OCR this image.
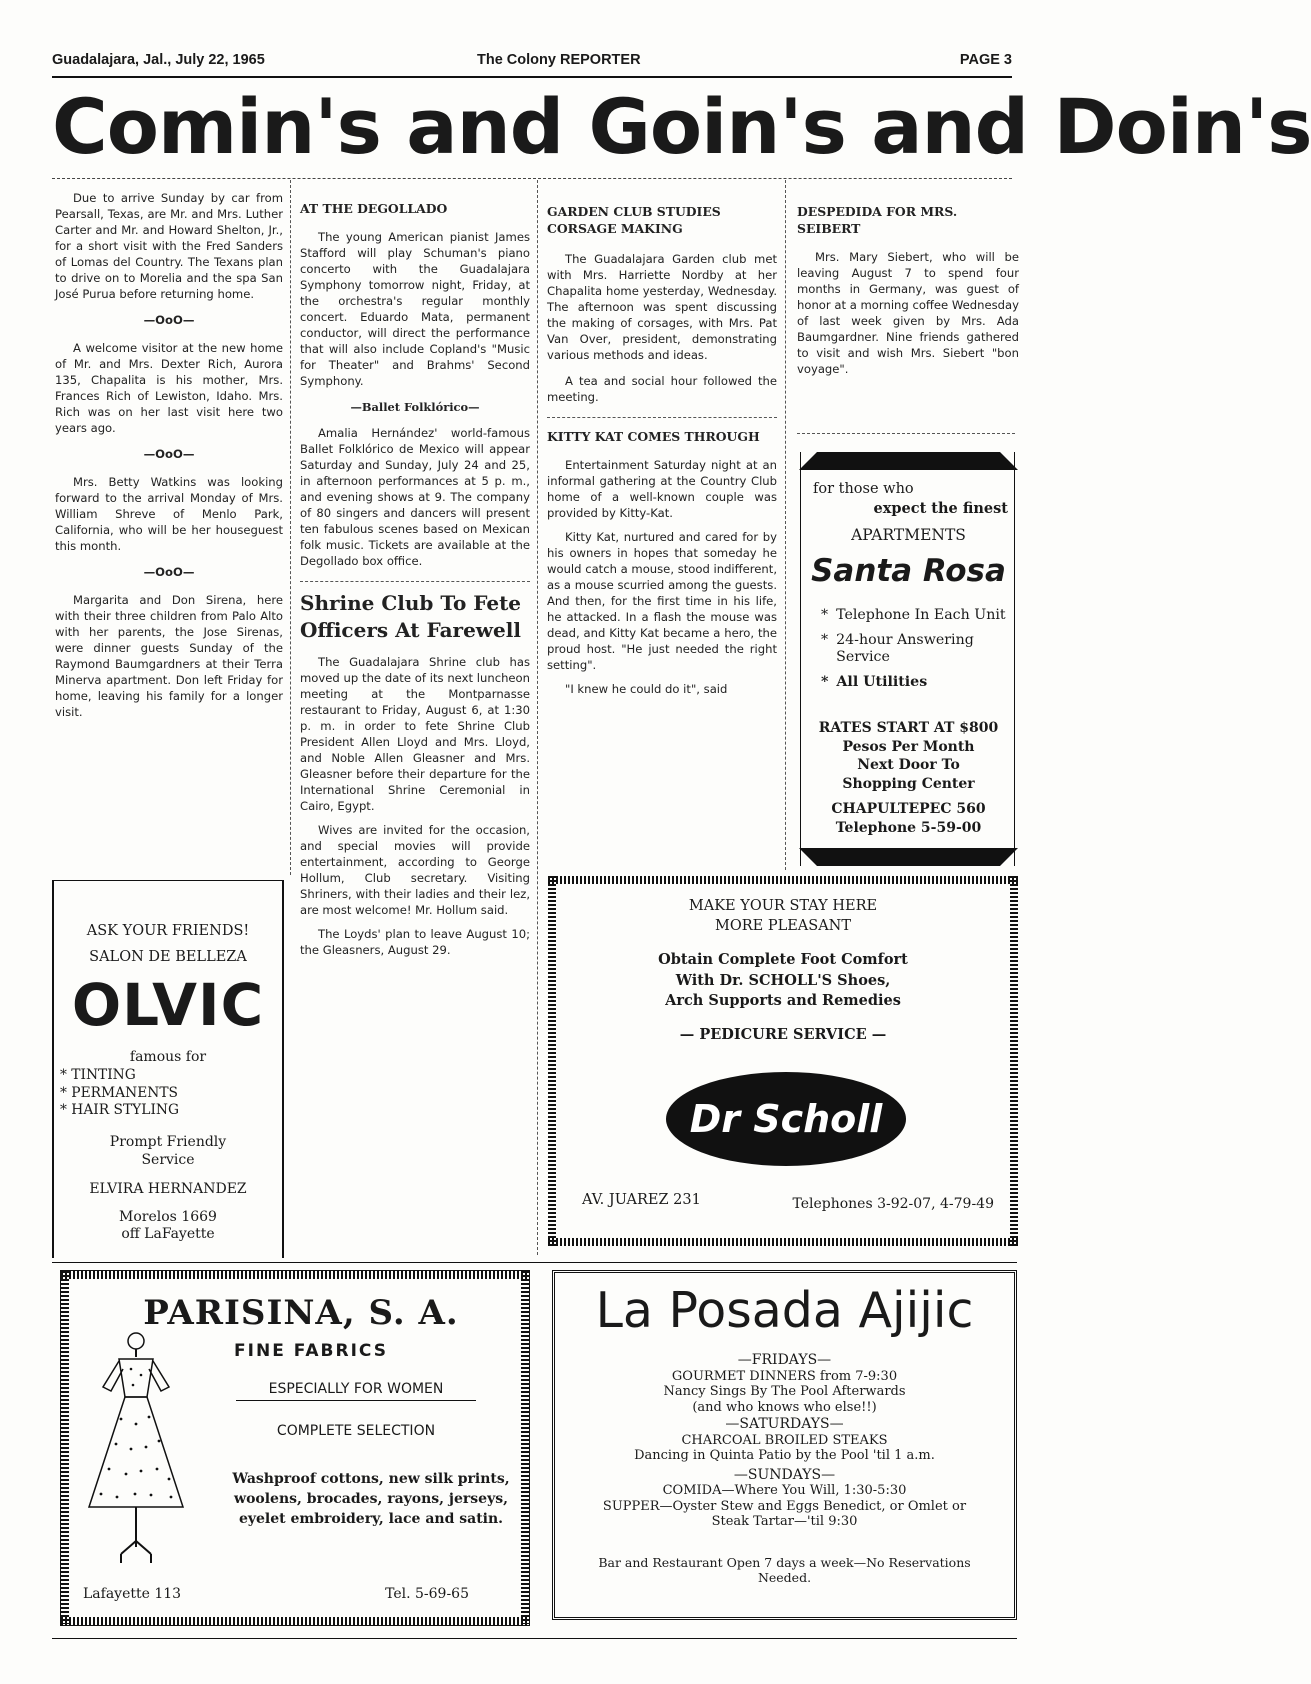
Guadalajara, Jal., July 22, 1965	The Colony REPORTER	PAGE 3
Comin's and Goin's and Doin's

Due to arrive Sunday by car from Pearsall, Texas, are Mr. and Mrs. Luther Carter and Mr. and Howard Shelton, Jr., for a short visit with the Fred Sanders of Lomas del Country. The Texans plan to drive on to Morelia and the spa San José Purua before returning home.

—OoO—

A welcome visitor at the new home of Mr. and Mrs. Dexter Rich, Aurora 135, Chapalita is his mother, Mrs. Frances Rich of Lewiston, Idaho. Mrs. Rich was on her last visit here two years ago.

—OoO—

Mrs. Betty Watkins was looking forward to the arrival Monday of Mrs. William Shreve of Menlo Park, California, who will be her houseguest this month.

—OoO—

Margarita and Don Sirena, here with their three children from Palo Alto with her parents, the Jose Sirenas, were dinner guests Sunday of the Raymond Baumgardners at their Terra Minerva apartment. Don left Friday for home, leaving his family for a longer visit.

AT THE DEGOLLADO

The young American pianist James Stafford will play Schuman's piano concerto with the Guadalajara Symphony tomorrow night, Friday, at the orchestra's regular monthly concert. Eduardo Mata, permanent conductor, will direct the performance that will also include Copland's "Music for Theater" and Brahms' Second Symphony.

—Ballet Folklórico—

Amalia Hernández' world-famous Ballet Folklórico de Mexico will appear Saturday and Sunday, July 24 and 25, in afternoon performances at 5 p. m., and evening shows at 9. The company of 80 singers and dancers will present ten fabulous scenes based on Mexican folk music. Tickets are available at the Degollado box office.

Shrine Club To Fete Officers At Farewell

The Guadalajara Shrine club has moved up the date of its next luncheon meeting at the Montparnasse restaurant to Friday, August 6, at 1:30 p. m. in order to fete Shrine Club President Allen Lloyd and Mrs. Lloyd, and Noble Allen Gleasner and Mrs. Gleasner before their departure for the International Shrine Ceremonial in Cairo, Egypt.

Wives are invited for the occasion, and special movies will provide entertainment, according to George Hollum, Club secretary. Visiting Shriners, with their ladies and their lez, are most welcome! Mr. Hollum said.

The Loyds' plan to leave August 10; the Gleasners, August 29.

GARDEN CLUB STUDIES CORSAGE MAKING

The Guadalajara Garden club met with Mrs. Harriette Nordby at her Chapalita home yesterday, Wednesday. The afternoon was spent discussing the making of corsages, with Mrs. Pat Van Over, president, demonstrating various methods and ideas.

A tea and social hour followed the meeting.

KITTY KAT COMES THROUGH

Entertainment Saturday night at an informal gathering at the Country Club home of a well-known couple was provided by Kitty-Kat.

Kitty Kat, nurtured and cared for by his owners in hopes that someday he would catch a mouse, stood indifferent, as a mouse scurried among the guests. And then, for the first time in his life, he attacked. In a flash the mouse was dead, and Kitty Kat became a hero, the proud host. "He just needed the right setting".

"I knew he could do it", said

DESPEDIDA FOR MRS. SEIBERT

Mrs. Mary Siebert, who will be leaving August 7 to spend four months in Germany, was guest of honor at a morning coffee Wednesday of last week given by Mrs. Ada Baumgardner. Nine friends gathered to visit and wish Mrs. Siebert "bon voyage".

for those who
expect the finest
APARTMENTS
Santa Rosa
* Telephone In Each Unit
* 24-hour Answering Service
* All Utilities
RATES START AT $800
Pesos Per Month
Next Door To
Shopping Center
CHAPULTEPEC 560
Telephone 5-59-00
ASK YOUR FRIENDS!
SALON DE BELLEZA
OLVIC
famous for
* TINTING
* PERMANENTS
* HAIR STYLING
Prompt Friendly Service
ELVIRA HERNANDEZ
Morelos 1669
off LaFayette
MAKE YOUR STAY HERE
MORE PLEASANT
Obtain Complete Foot Comfort
With Dr. SCHOLL'S Shoes,
Arch Supports and Remedies
— PEDICURE SERVICE —
Dr Scholl
AV. JUAREZ 231	Telephones 3-92-07, 4-79-49
PARISINA, S. A.
FINE FABRICS
ESPECIALLY FOR WOMEN
COMPLETE SELECTION
Washproof cottons, new silk prints, woolens, brocades, rayons, jerseys, eyelet embroidery, lace and satin.
Lafayette 113	Tel. 5-69-65
La Posada Ajijic
—FRIDAYS—
GOURMET DINNERS from 7-9:30
Nancy Sings By The Pool Afterwards
(and who knows who else!!)
—SATURDAYS—
CHARCOAL BROILED STEAKS
Dancing in Quinta Patio by the Pool 'til 1 a.m.
—SUNDAYS—
COMIDA—Where You Will, 1:30-5:30
SUPPER—Oyster Stew and Eggs Benedict, or Omlet or Steak Tartar—'til 9:30
Bar and Restaurant Open 7 days a week—No Reservations Needed.
